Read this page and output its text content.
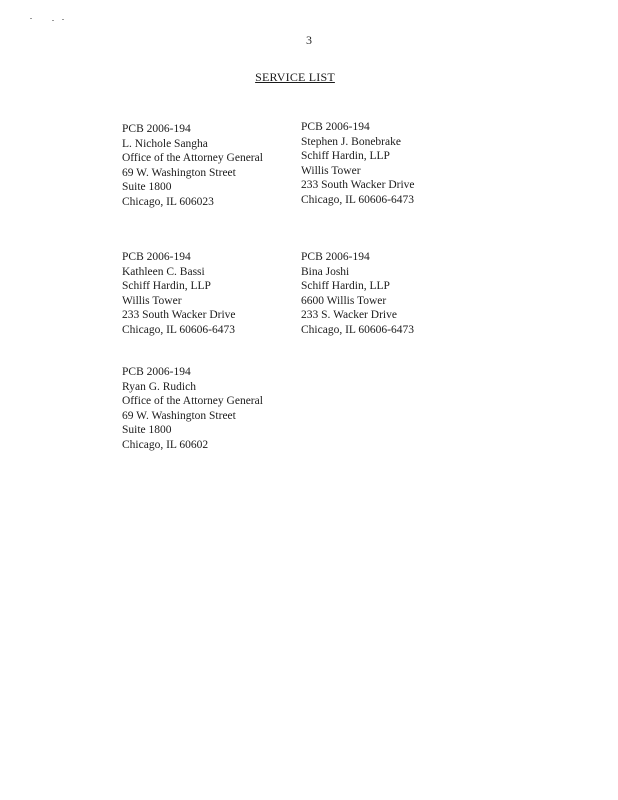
3
SERVICE LIST
PCB 2006-194
L. Nichole Sangha
Office of the Attorney General
69 W. Washington Street
Suite 1800
Chicago, IL 606023
PCB 2006-194
Stephen J. Bonebrake
Schiff Hardin, LLP
Willis Tower
233 South Wacker Drive
Chicago, IL 60606-6473
PCB 2006-194
Kathleen C. Bassi
Schiff Hardin, LLP
Willis Tower
233 South Wacker Drive
Chicago, IL 60606-6473
PCB 2006-194
Bina Joshi
Schiff Hardin, LLP
6600 Willis Tower
233 S. Wacker Drive
Chicago, IL 60606-6473
PCB 2006-194
Ryan G. Rudich
Office of the Attorney General
69 W. Washington Street
Suite 1800
Chicago, IL 60602
